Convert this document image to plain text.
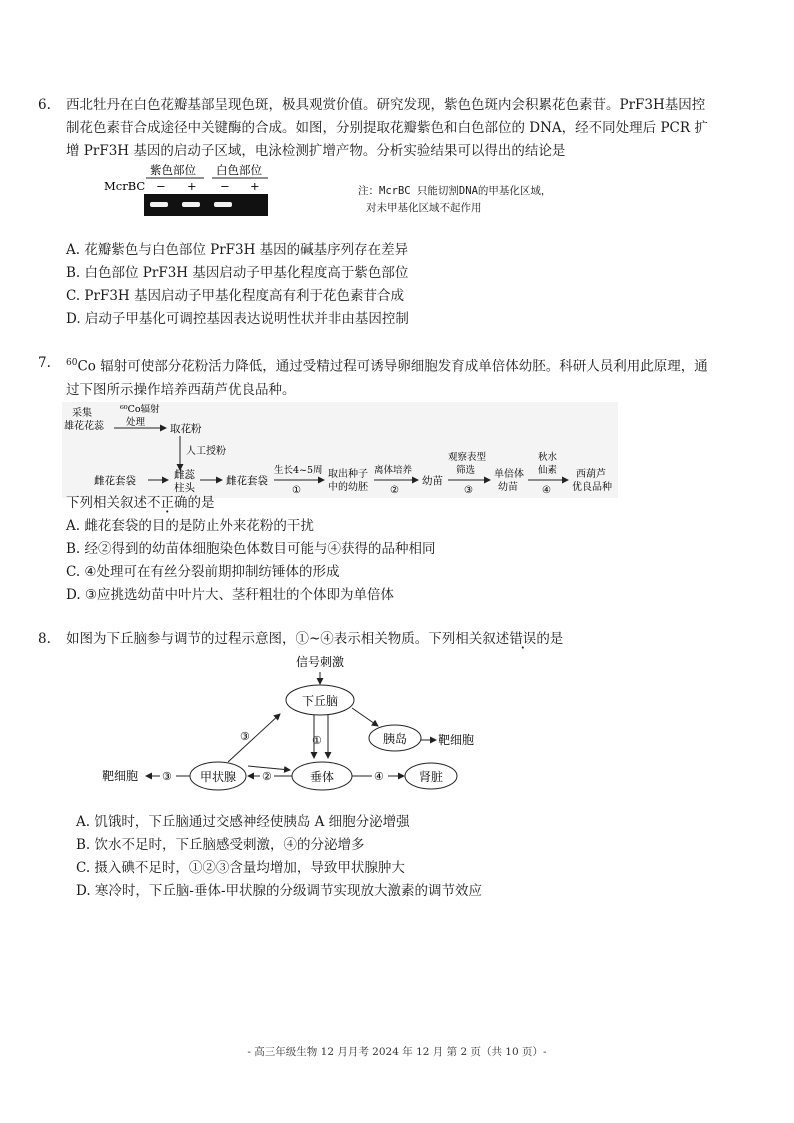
6. 西北牡丹在白色花瓣基部呈现色斑，极具观赏价值。研究发现，紫色色斑内会积累花色素苷。PrF3H基因控制花色素苷合成途径中关键酶的合成。如图，分别提取花瓣紫色和白色部位的 DNA，经不同处理后 PCR 扩增 PrF3H 基因的启动子区域，电泳检测扩增产物。分析实验结果可以得出的结论是
紫色部位 白色部位
McrBC − + − +	注：McrBC 只能切割DNA的甲基化区域，
对未甲基化区域不起作用
A. 花瓣紫色与白色部位 PrF3H 基因的碱基序列存在差异
B. 白色部位 PrF3H 基因启动子甲基化程度高于紫色部位
C. PrF3H 基因启动子甲基化程度高有利于花色素苷合成
D. 启动子甲基化可调控基因表达说明性状并非由基因控制
7. $^{60}$Co 辐射可使部分花粉活力降低，通过受精过程可诱导卵细胞发育成单倍体幼胚。科研人员利用此原理，通过下图所示操作培养西葫芦优良品种。
采集
雄花花蕊
⁶⁰Co辐射
处理
取花粉
人工授粉
雌花套袋	雌蕊
柱头
雌花套袋
生长4~5周
①
取出种子
中的幼胚
离体培养
②
幼苗
观察表型
筛选
③
单倍体
幼苗
秋水
仙素
④
西葫芦
优良品种
下列相关叙述不正确的是
A. 雌花套袋的目的是防止外来花粉的干扰
B. 经②得到的幼苗体细胞染色体数目可能与④获得的品种相同
C. ④处理可在有丝分裂前期抑制纺锤体的形成
D. ③应挑选幼苗中叶片大、茎秆粗壮的个体即为单倍体
8. 如图为下丘脑参与调节的过程示意图，①~④表示相关物质。下列相关叙述错误的是
信号刺激
下丘脑
胰岛	靶细胞
①
垂体	④	肾脏
②
甲状腺
③
靶细胞
③
A. 饥饿时，下丘脑通过交感神经使胰岛 A 细胞分泌增强
B. 饮水不足时，下丘脑感受刺激，④的分泌增多
C. 摄入碘不足时，①②③含量均增加，导致甲状腺肿大
D. 寒冷时，下丘脑-垂体-甲状腺的分级调节实现放大激素的调节效应
- 高三年级生物 12 月月考 2024 年 12 月 第 2 页（共 10 页）-
